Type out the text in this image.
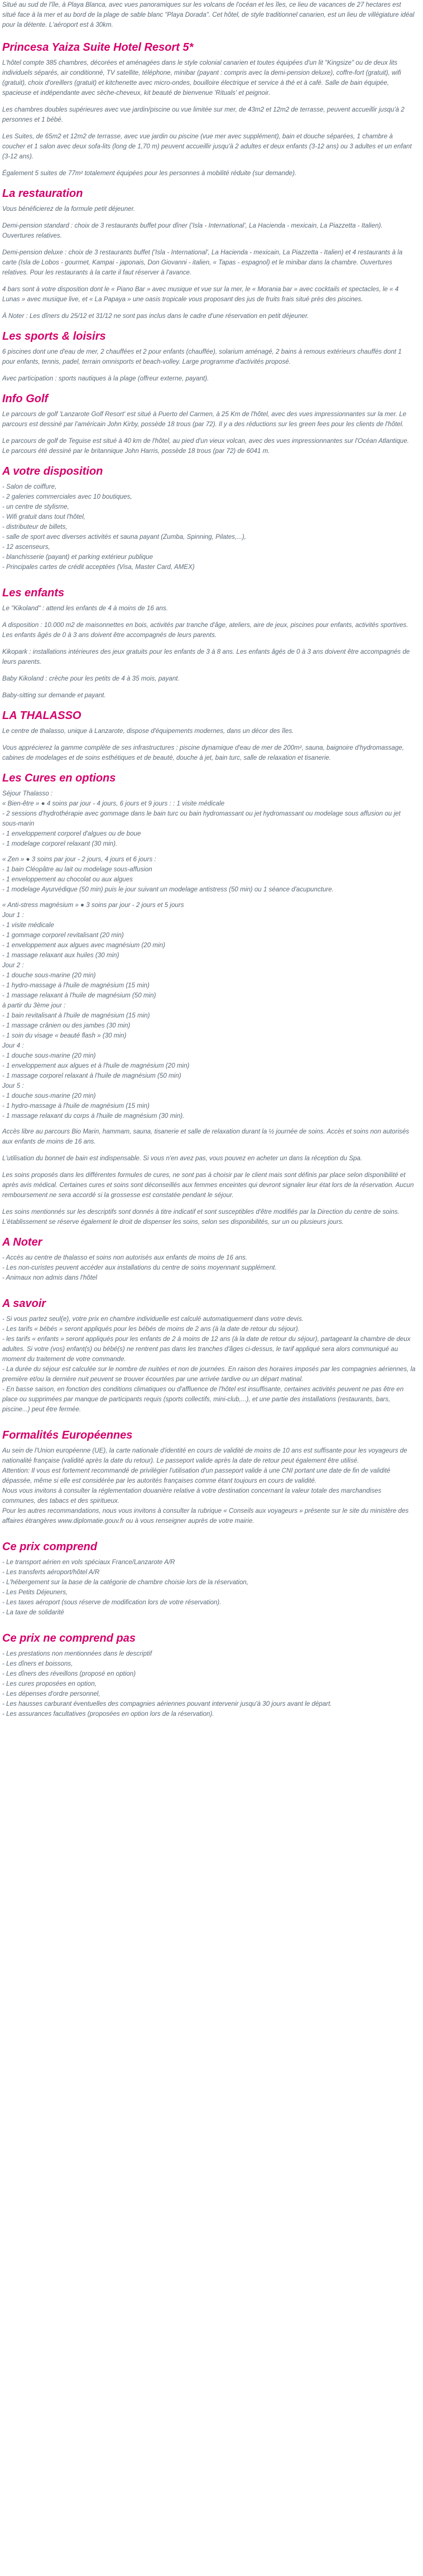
Situé au sud de l'île, à Playa Blanca, avec vues panoramiques sur les volcans de l'océan et les îles, ce lieu de vacances de 27 hectares est situé face à la mer et au bord de la plage de sable blanc "Playa Dorada". Cet hôtel, de style traditionnel canarien, est un lieu de villégiature idéal pour la détente. L'aéroport est à 30km.

Princesa Yaiza Suite Hotel Resort 5*

L'hôtel compte 385 chambres, décorées et aménagées dans le style colonial canarien et toutes équipées d'un lit "Kingsize" ou de deux lits individuels séparés, air conditionné, TV satellite, téléphone, minibar (payant : compris avec la demi-pension deluxe), coffre-fort (gratuit), wifi (gratuit), choix d'oreillers (gratuit) et kitchenette avec micro-ondes, bouilloire électrique et service à thé et à café. Salle de bain équipée, spacieuse et indépendante avec sèche-cheveux, kit beauté de bienvenue 'Rituals' et peignoir.

Les chambres doubles supérieures avec vue jardin/piscine ou vue limitée sur mer, de 43m2 et 12m2 de terrasse, peuvent accueillir jusqu'à 2 personnes et 1 bébé.

Les Suites, de 65m2 et 12m2 de terrasse, avec vue jardin ou piscine (vue mer avec supplément), bain et douche séparées, 1 chambre à coucher et 1 salon avec deux sofa-lits (long de 1,70 m) peuvent accueillir jusqu'à 2 adultes et deux enfants (3-12 ans) ou 3 adultes et un enfant (3-12 ans).

Également 5 suites de 77m² totalement équipées pour les personnes à mobilité réduite (sur demande).

La restauration

Vous bénéficierez de la formule petit déjeuner.

Demi-pension standard : choix de 3 restaurants buffet pour dîner ('Isla - International', La Hacienda - mexicain, La Piazzetta - Italien). Ouvertures relatives.

Demi-pension deluxe : choix de 3 restaurants buffet ('Isla - International', La Hacienda - mexicain, La Piazzetta - Italien) et 4 restaurants à la carte (Isla de Lobos - gourmet, Kampai - japonais, Don Giovanni - italien, « Tapas - espagnol) et le minibar dans la chambre. Ouvertures relatives. Pour les restaurants à la carte il faut réserver à l'avance.

4 bars sont à votre disposition dont le « Piano Bar » avec musique et vue sur la mer, le « Morania bar » avec cocktails et spectacles, le « 4 Lunas » avec musique live, et « La Papaya » une oasis tropicale vous proposant des jus de fruits frais situé près des piscines.

À Noter : Les dîners du 25/12 et 31/12 ne sont pas inclus dans le cadre d'une réservation en petit déjeuner.

Les sports & loisirs

6 piscines dont une d'eau de mer, 2 chauffées et 2 pour enfants (chauffée), solarium aménagé, 2 bains à remous extérieurs chauffés dont 1 pour enfants, tennis, padel, terrain omnisports et beach-volley. Large programme d'activités proposé.

Avec participation : sports nautiques à la plage (offreur externe, payant).

Info Golf

Le parcours de golf 'Lanzarote Golf Resort' est situé à Puerto del Carmen, à 25 Km de l'hôtel, avec des vues impressionnantes sur la mer. Le parcours est dessiné par l'américain John Kirby, possède 18 trous (par 72). Il y a des réductions sur les green fees pour les clients de l'hôtel.

Le parcours de golf de Teguise est situé à 40 km de l'hôtel, au pied d'un vieux volcan, avec des vues impressionnantes sur l'Océan Atlantique. Le parcours été dessiné par le britannique John Harris, possède 18 trous (par 72) de 6041 m.

A votre disposition
- Salon de coiffure,
- 2 galeries commerciales avec 10 boutiques,
- un centre de stylisme,
- Wifi gratuit dans tout l'hôtel,
- distributeur de billets,
- salle de sport avec diverses activités et sauna payant (Zumba, Spinning, Pilates,...),
- 12 ascenseurs,
- blanchisserie (payant) et parking extérieur publique
- Principales cartes de crédit acceptées (Visa, Master Card, AMEX)
Les enfants

Le "Kikoland" : attend les enfants de 4 à moins de 16 ans.

A disposition : 10.000 m2 de maisonnettes en bois, activités par tranche d'âge, ateliers, aire de jeux, piscines pour enfants, activités sportives. Les enfants âgés de 0 à 3 ans doivent être accompagnés de leurs parents.

Kikopark : installations intérieures des jeux gratuits pour les enfants de 3 à 8 ans. Les enfants âgés de 0 à 3 ans doivent être accompagnés de leurs parents.

Baby Kikoland : crèche pour les petits de 4 à 35 mois, payant.

Baby-sitting sur demande et payant.

LA THALASSO

Le centre de thalasso, unique à Lanzarote, dispose d'équipements modernes, dans un décor des îles.

Vous apprécierez la gamme complète de ses infrastructures : piscine dynamique d'eau de mer de 200m², sauna, baignoire d'hydromassage, cabines de modelages et de soins esthétiques et de beauté, douche à jet, bain turc, salle de relaxation et tisanerie.

Les Cures en options
Séjour Thalasso :
« Bien-être » ● 4 soins par jour - 4 jours, 6 jours et 9 jours : : 1 visite médicale
- 2 sessions d'hydrothérapie avec gommage dans le bain turc ou bain hydromassant ou jet hydromassant ou modelage sous affusion ou jet sous-marin
- 1 enveloppement corporel d'algues ou de boue
- 1 modelage corporel relaxant (30 min).
« Zen » ● 3 soins par jour - 2 jours, 4 jours et 6 jours :
- 1 bain Cléopâtre au lait ou modelage sous-affusion
- 1 enveloppement au chocolat ou aux algues
- 1 modelage Ayurvédique (50 min) puis le jour suivant un modelage antistress (50 min) ou 1 séance d'acupuncture.
« Anti-stress magnésium » ● 3 soins par jour - 2 jours et 5 jours
Jour 1 :
- 1 visite médicale
- 1 gommage corporel revitalisant (20 min)
- 1 enveloppement aux algues avec magnésium (20 min)
- 1 massage relaxant aux huiles (30 min)
Jour 2 :
- 1 douche sous-marine (20 min)
- 1 hydro-massage à l'huile de magnésium (15 min)
- 1 massage relaxant à l'huile de magnésium (50 min)
à partir du 3ème jour :
- 1 bain revitalisant à l'huile de magnésium (15 min)
- 1 massage crânien ou des jambes (30 min)
- 1 soin du visage « beauté flash » (30 min)
Jour 4 :
- 1 douche sous-marine (20 min)
- 1 enveloppement aux algues et à l'huile de magnésium (20 min)
- 1 massage corporel relaxant à l'huile de magnésium (50 min)
Jour 5 :
- 1 douche sous-marine (20 min)
- 1 hydro-massage à l'huile de magnésium (15 min)
- 1 massage relaxant du corps à l'huile de magnésium (30 min).

Accès libre au parcours Bio Marin, hammam, sauna, tisanerie et salle de relaxation durant la ½ journée de soins. Accès et soins non autorisés aux enfants de moins de 16 ans.

L'utilisation du bonnet de bain est indispensable. Si vous n'en avez pas, vous pouvez en acheter un dans la réception du Spa.

Les soins proposés dans les différentes formules de cures, ne sont pas à choisir par le client mais sont définis par place selon disponibilité et après avis médical. Certaines cures et soins sont déconseillés aux femmes enceintes qui devront signaler leur état lors de la réservation. Aucun remboursement ne sera accordé si la grossesse est constatée pendant le séjour.

Les soins mentionnés sur les descriptifs sont donnés à titre indicatif et sont susceptibles d'être modifiés par la Direction du centre de soins. L'établissement se réserve également le droit de dispenser les soins, selon ses disponibilités, sur un ou plusieurs jours.

A Noter
- Accès au centre de thalasso et soins non autorisés aux enfants de moins de 16 ans.
- Les non-curistes peuvent accéder aux installations du centre de soins moyennant supplément.
- Animaux non admis dans l'hôtel
A savoir
- Si vous partez seul(e), votre prix en chambre individuelle est calculé automatiquement dans votre devis.
- Les tarifs « bébés » seront appliqués pour les bébés de moins de 2 ans (à la date de retour du séjour).
- les tarifs « enfants » seront appliqués pour les enfants de 2 à moins de 12 ans (à la date de retour du séjour), partageant la chambre de deux adultes. Si votre (vos) enfant(s) ou bébé(s) ne rentrent pas dans les tranches d'âges ci-dessus, le tarif appliqué sera alors communiqué au moment du traitement de votre commande.
- La durée du séjour est calculée sur le nombre de nuitées et non de journées. En raison des horaires imposés par les compagnies aériennes, la première et/ou la dernière nuit peuvent se trouver écourtées par une arrivée tardive ou un départ matinal.
- En basse saison, en fonction des conditions climatiques ou d'affluence de l'hôtel est insuffisante, certaines activités peuvent ne pas être en place ou supprimées par manque de participants requis (sports collectifs, mini-club,...), et une partie des installations (restaurants, bars, piscine...) peut être fermée.
Formalités Européennes
Au sein de l'Union européenne (UE), la carte nationale d'identité en cours de validité de moins de 10 ans est suffisante pour les voyageurs de nationalité française (validité après la date du retour). Le passeport valide après la date de retour peut également être utilisé.
Attention: Il vous est fortement recommandé de privilégier l'utilisation d'un passeport valide à une CNI portant une date de fin de validité dépassée, même si elle est considérée par les autorités françaises comme étant toujours en cours de validité.
Nous vous invitons à consulter la réglementation douanière relative à votre destination concernant la valeur totale des marchandises communes, des tabacs et des spiritueux.
Pour les autres recommandations, nous vous invitons à consulter la rubrique « Conseils aux voyageurs » présente sur le site du ministère des affaires étrangères www.diplomatie.gouv.fr ou à vous renseigner auprès de votre mairie.
Ce prix comprend
- Le transport aérien en vols spéciaux France/Lanzarote A/R
- Les transferts aéroport/hôtel A/R
- L'hébergement sur la base de la catégorie de chambre choisie lors de la réservation,
- Les Petits Déjeuners,
- Les taxes aéroport (sous réserve de modification lors de votre réservation).
- La taxe de solidarité
Ce prix ne comprend pas
- Les prestations non mentionnées dans le descriptif
- Les dîners et boissons,
- Les dîners des réveillons (proposé en option)
- Les cures proposées en option,
- Les dépenses d'ordre personnel,
- Les hausses carburant éventuelles des compagnies aériennes pouvant intervenir jusqu'à 30 jours avant le départ.
- Les assurances facultatives (proposées en option lors de la réservation).
